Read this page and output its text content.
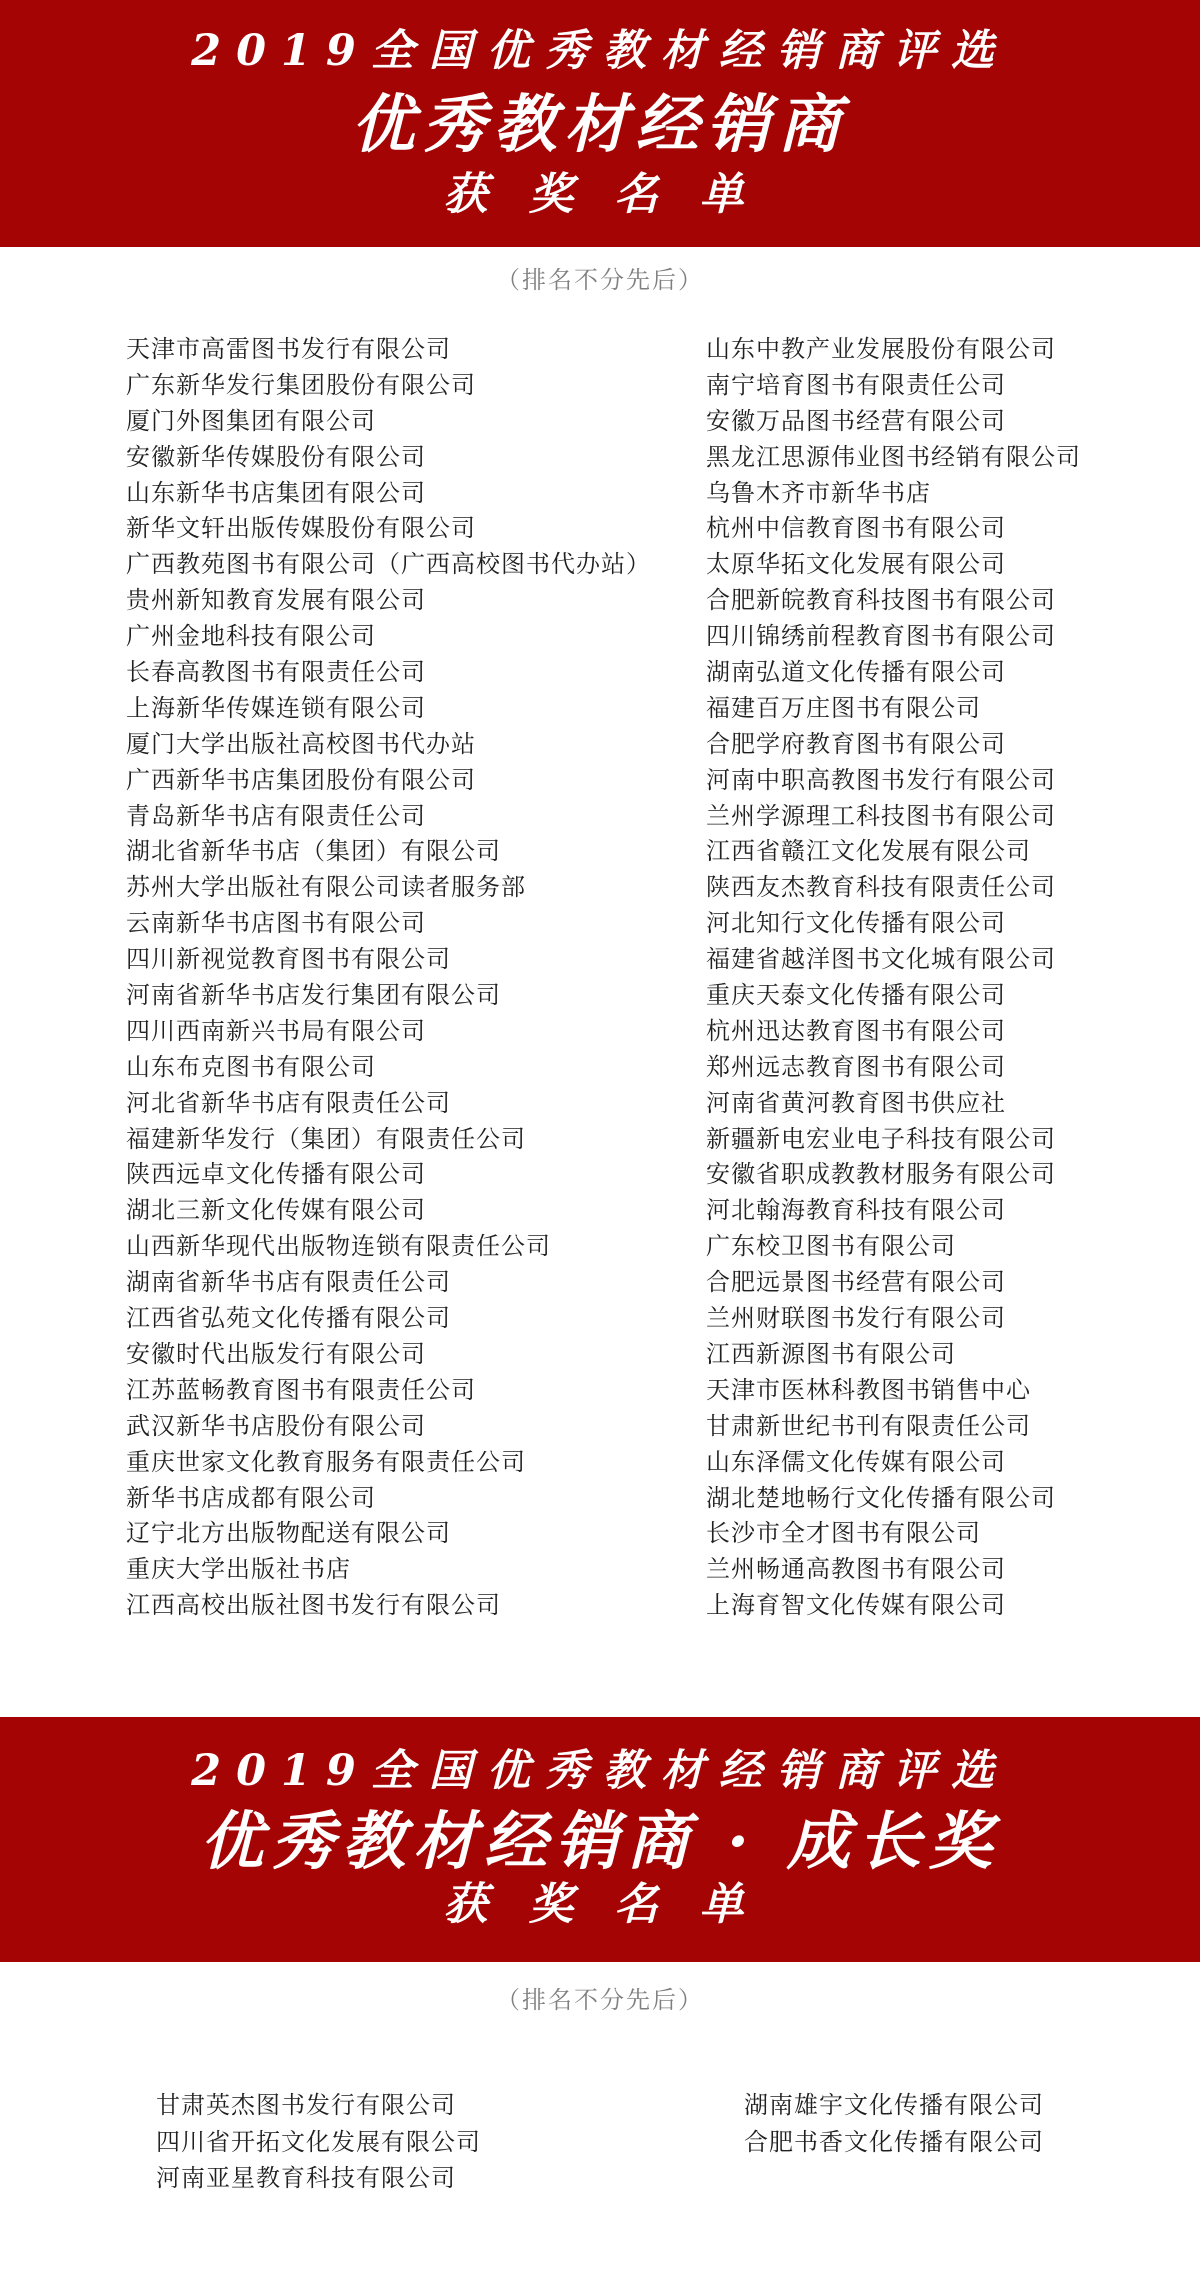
2019全国优秀教材经销商评选
优秀教材经销商
获 奖 名 单
（排名不分先后）
天津市高雷图书发行有限公司
广东新华发行集团股份有限公司
厦门外图集团有限公司
安徽新华传媒股份有限公司
山东新华书店集团有限公司
新华文轩出版传媒股份有限公司
广西教苑图书有限公司（广西高校图书代办站）
贵州新知教育发展有限公司
广州金地科技有限公司
长春高教图书有限责任公司
上海新华传媒连锁有限公司
厦门大学出版社高校图书代办站
广西新华书店集团股份有限公司
青岛新华书店有限责任公司
湖北省新华书店（集团）有限公司
苏州大学出版社有限公司读者服务部
云南新华书店图书有限公司
四川新视觉教育图书有限公司
河南省新华书店发行集团有限公司
四川西南新兴书局有限公司
山东布克图书有限公司
河北省新华书店有限责任公司
福建新华发行（集团）有限责任公司
陕西远卓文化传播有限公司
湖北三新文化传媒有限公司
山西新华现代出版物连锁有限责任公司
湖南省新华书店有限责任公司
江西省弘苑文化传播有限公司
安徽时代出版发行有限公司
江苏蓝畅教育图书有限责任公司
武汉新华书店股份有限公司
重庆世家文化教育服务有限责任公司
新华书店成都有限公司
辽宁北方出版物配送有限公司
重庆大学出版社书店
江西高校出版社图书发行有限公司
山东中教产业发展股份有限公司
南宁培育图书有限责任公司
安徽万品图书经营有限公司
黑龙江思源伟业图书经销有限公司
乌鲁木齐市新华书店
杭州中信教育图书有限公司
太原华拓文化发展有限公司
合肥新皖教育科技图书有限公司
四川锦绣前程教育图书有限公司
湖南弘道文化传播有限公司
福建百万庄图书有限公司
合肥学府教育图书有限公司
河南中职高教图书发行有限公司
兰州学源理工科技图书有限公司
江西省赣江文化发展有限公司
陕西友杰教育科技有限责任公司
河北知行文化传播有限公司
福建省越洋图书文化城有限公司
重庆天泰文化传播有限公司
杭州迅达教育图书有限公司
郑州远志教育图书有限公司
河南省黄河教育图书供应社
新疆新电宏业电子科技有限公司
安徽省职成教教材服务有限公司
河北翰海教育科技有限公司
广东校卫图书有限公司
合肥远景图书经营有限公司
兰州财联图书发行有限公司
江西新源图书有限公司
天津市医林科教图书销售中心
甘肃新世纪书刊有限责任公司
山东泽儒文化传媒有限公司
湖北楚地畅行文化传播有限公司
长沙市全才图书有限公司
兰州畅通高教图书有限公司
上海育智文化传媒有限公司
2019全国优秀教材经销商评选
优秀教材经销商 · 成长奖
获 奖 名 单
（排名不分先后）
甘肃英杰图书发行有限公司
四川省开拓文化发展有限公司
河南亚星教育科技有限公司
湖南雄宇文化传播有限公司
合肥书香文化传播有限公司
